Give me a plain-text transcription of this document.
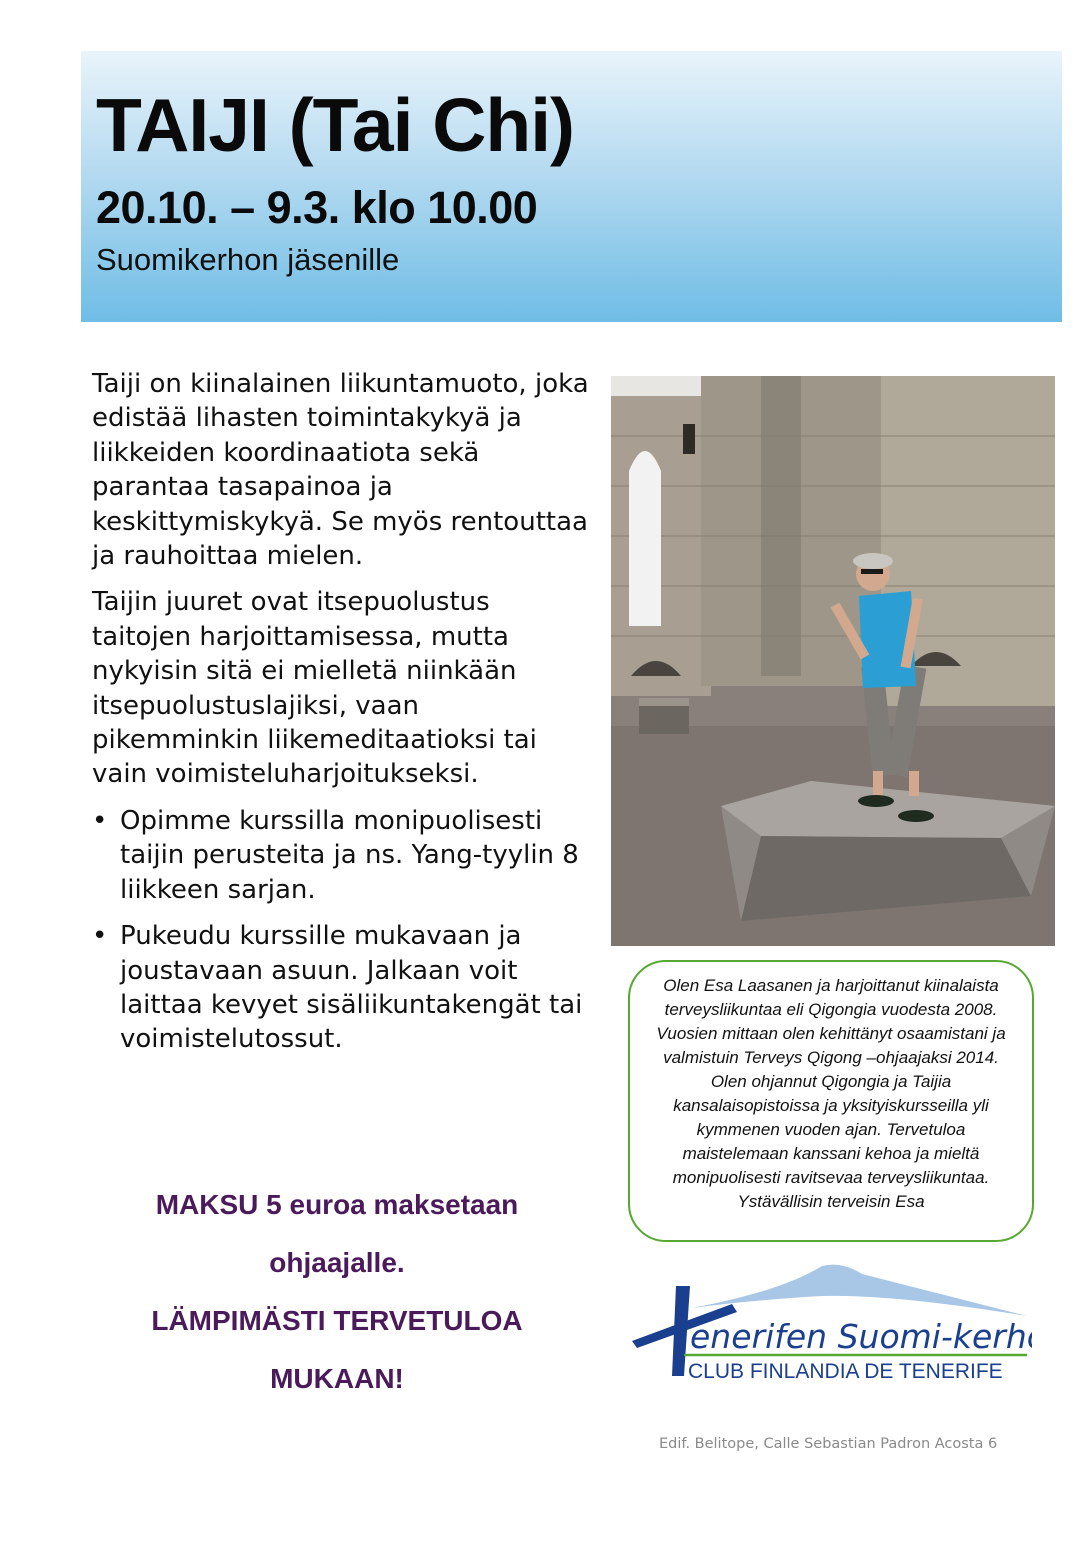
TAIJI (Tai Chi)
20.10. – 9.3. klo 10.00
Suomikerhon jäsenille

Taiji on kiinalainen liikuntamuoto, joka edistää lihasten toimintakykyä ja liikkeiden koordinaatiota sekä parantaa tasapainoa ja keskittymiskykyä. Se myös rentouttaa ja rauhoittaa mielen.

Taijin juuret ovat itsepuolustus taitojen harjoittamisessa, mutta nykyisin sitä ei mielletä niinkään itsepuolustuslajiksi, vaan pikemminkin liikemeditaatioksi tai vain voimisteluharjoitukseksi.

• Opimme kurssilla monipuolisesti taijin perusteita ja ns. Yang-tyylin 8 liikkeen sarjan.
• Pukeudu kurssille mukavaan ja joustavaan asuun. Jalkaan voit laittaa kevyet sisäliikuntakengät tai voimistelutossut.
MAKSU 5 euroa maksetaan
ohjaajalle.
LÄMPIMÄSTI TERVETULOA
MUKAAN!
Olen Esa Laasanen ja harjoittanut kiinalaista terveysliikuntaa eli Qigongia vuodesta 2008. Vuosien mittaan olen kehittänyt osaamistani ja valmistuin Terveys Qigong –ohjaajaksi 2014. Olen ohjannut Qigongia ja Taijia kansalaisopistoissa ja yksityiskursseilla yli kymmenen vuoden ajan. Tervetuloa maistelemaan kanssani kehoa ja mieltä monipuolisesti ravitsevaa terveysliikuntaa. Ystävällisin terveisin Esa
enerifen Suomi-kerho
CLUB FINLANDIA DE TENERIFE
Edif. Belitope, Calle Sebastian Padron Acosta 6
